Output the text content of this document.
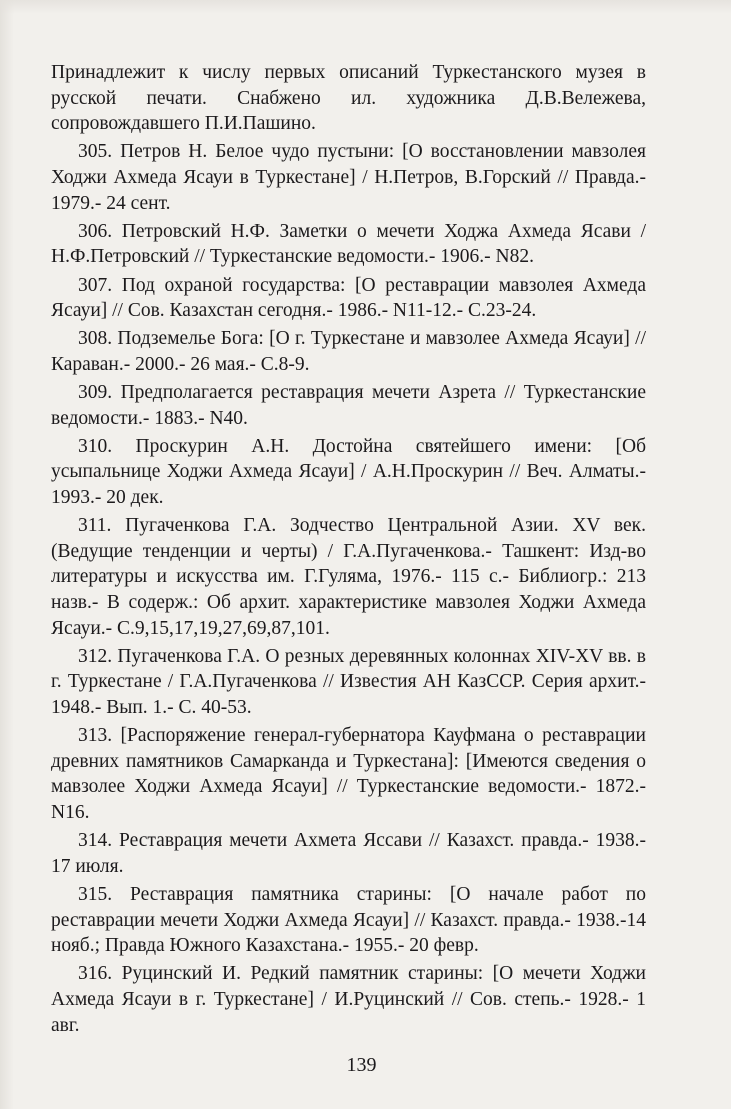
Принадлежит к числу первых описаний Туркестанского музея в русской печати. Снабжено ил. художника Д.В.Вележева, сопровождавшего П.И.Пашино.

305. Петров Н. Белое чудо пустыни: [О восстановлении мавзолея Ходжи Ахмеда Ясауи в Туркестане] / Н.Петров, В.Горский // Правда.- 1979.- 24 сент.

306. Петровский Н.Ф. Заметки о мечети Ходжа Ахмеда Ясави / Н.Ф.Петровский // Туркестанские ведомости.- 1906.- N82.

307. Под охраной государства: [О реставрации мавзолея Ахмеда Ясауи] // Сов. Казахстан сегодня.- 1986.- N11-12.- С.23-24.

308. Подземелье Бога: [О г. Туркестане и мавзолее Ахмеда Ясауи] // Караван.- 2000.- 26 мая.- С.8-9.

309. Предполагается реставрация мечети Азрета // Туркестанские ведомости.- 1883.- N40.

310. Проскурин А.Н. Достойна святейшего имени: [Об усыпальнице Ходжи Ахмеда Ясауи] / А.Н.Проскурин // Веч. Алматы.- 1993.- 20 дек.

311. Пугаченкова Г.А. Зодчество Центральной Азии. XV век. (Ведущие тенденции и черты) / Г.А.Пугаченкова.- Ташкент: Изд-во литературы и искусства им. Г.Гуляма, 1976.- 115 с.- Библиогр.: 213 назв.- В содерж.: Об архит. характеристике мавзолея Ходжи Ахмеда Ясауи.- С.9,15,17,19,27,69,87,101.

312. Пугаченкова Г.А. О резных деревянных колоннах XIV-XV вв. в г. Туркестане / Г.А.Пугаченкова // Известия АН КазССР. Серия архит.- 1948.- Вып. 1.- С. 40-53.

313. [Распоряжение генерал-губернатора Кауфмана о реставрации древних памятников Самарканда и Туркестана]: [Имеются сведения о мавзолее Ходжи Ахмеда Ясауи] // Туркестанские ведомости.- 1872.- N16.

314. Реставрация мечети Ахмета Яссави // Казахст. правда.- 1938.- 17 июля.

315. Реставрация памятника старины: [О начале работ по реставрации мечети Ходжи Ахмеда Ясауи] // Казахст. правда.- 1938.-14 нояб.; Правда Южного Казахстана.- 1955.- 20 февр.

316. Руцинский И. Редкий памятник старины: [О мечети Ходжи Ахмеда Ясауи в г. Туркестане] / И.Руцинский // Сов. степь.- 1928.- 1 авг.

139
